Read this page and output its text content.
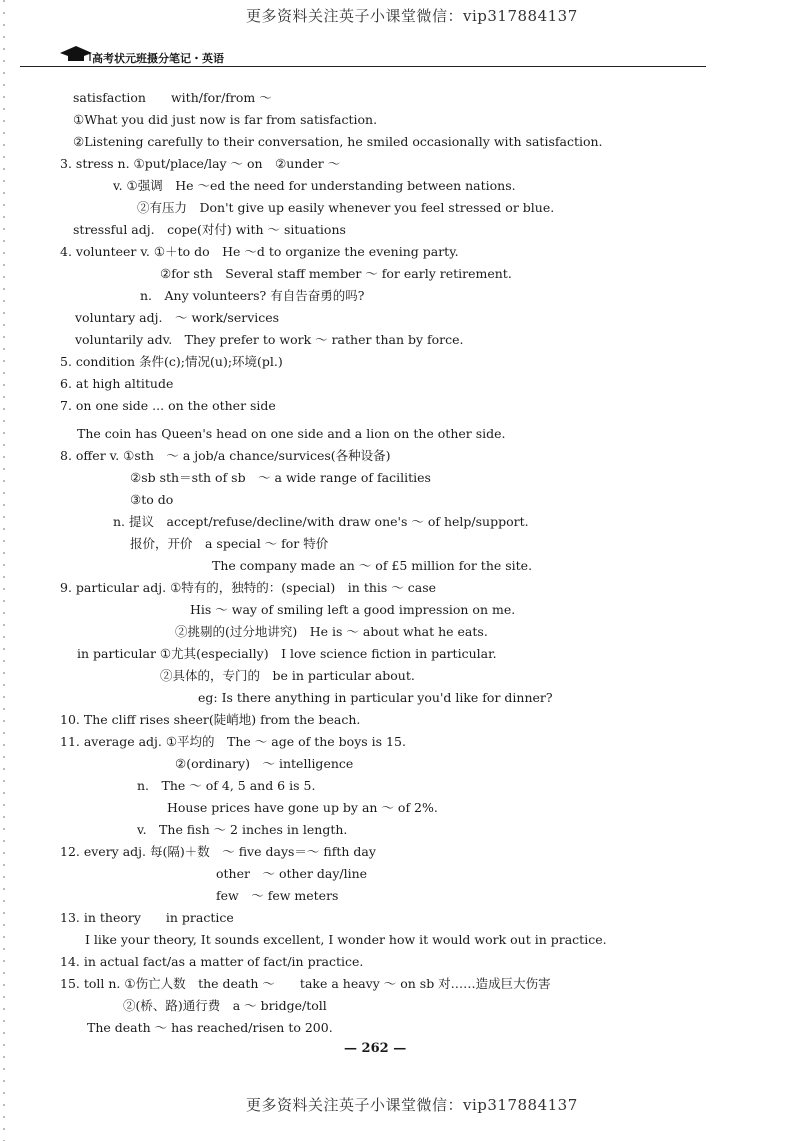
更多资料关注英子小课堂微信：vip317884137
高考状元班摄分笔记・英语
satisfaction　　with/for/from ～
①What you did just now is far from satisfaction.
②Listening carefully to their conversation, he smiled occasionally with satisfaction.
3. stress n. ①put/place/lay ～ on　②under ～
v. ①强调　He ～ed the need for understanding between nations.
②有压力　Don't give up easily whenever you feel stressed or blue.
stressful adj.　cope(对付) with ～ situations
4. volunteer v. ①＋to do　He ～d to organize the evening party.
②for sth　Several staff member ～ for early retirement.
n.　Any volunteers? 有自告奋勇的吗?
voluntary adj.　～ work/services
voluntarily adv.　They prefer to work ～ rather than by force.
5. condition 条件(c);情况(u);环境(pl.)
6. at high altitude
7. on one side ... on the other side
The coin has Queen's head on one side and a lion on the other side.
8. offer v. ①sth　～ a job/a chance/survices(各种设备)
②sb sth＝sth of sb　～ a wide range of facilities
③to do
n. 提议　accept/refuse/decline/with draw one's ～ of help/support.
报价，开价　a special ～ for 特价
The company made an ～ of £5 million for the site.
9. particular adj. ①特有的，独特的：(special)　in this ～ case
His ～ way of smiling left a good impression on me.
②挑剔的(过分地讲究)　He is ～ about what he eats.
in particular ①尤其(especially)　I love science fiction in particular.
②具体的，专门的　be in particular about.
eg: Is there anything in particular you'd like for dinner?
10. The cliff rises sheer(陡峭地) from the beach.
11. average adj. ①平均的　The ～ age of the boys is 15.
②(ordinary)　～ intelligence
n.　The ～ of 4, 5 and 6 is 5.
House prices have gone up by an ～ of 2%.
v.　The fish ～ 2 inches in length.
12. every adj. 每(隔)＋数　～ five days＝～ fifth day
other　～ other day/line
few　～ few meters
13. in theory　　in practice
I like your theory, It sounds excellent, I wonder how it would work out in practice.
14. in actual fact/as a matter of fact/in practice.
15. toll n. ①伤亡人数　the death ～　　take a heavy ～ on sb 对……造成巨大伤害
②(桥、路)通行费　a ～ bridge/toll
The death ～ has reached/risen to 200.
— 262 —
更多资料关注英子小课堂微信：vip317884137
